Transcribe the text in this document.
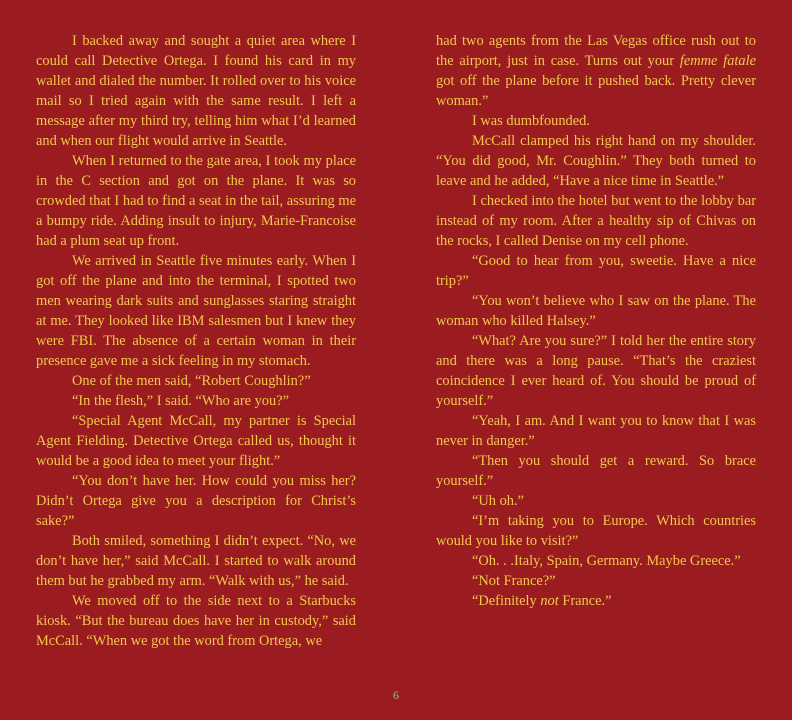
I backed away and sought a quiet area where I could call Detective Ortega. I found his card in my wallet and dialed the number. It rolled over to his voice mail so I tried again with the same result. I left a message after my third try, telling him what I’d learned and when our flight would arrive in Seattle.

When I returned to the gate area, I took my place in the C section and got on the plane. It was so crowded that I had to find a seat in the tail, assuring me a bumpy ride. Adding insult to injury, Marie-Francoise had a plum seat up front.

We arrived in Seattle five minutes early. When I got off the plane and into the terminal, I spotted two men wearing dark suits and sunglasses staring straight at me. They looked like IBM salesmen but I knew they were FBI. The absence of a certain woman in their presence gave me a sick feeling in my stomach.

One of the men said, “Robert Coughlin?”

“In the flesh,” I said. “Who are you?”

“Special Agent McCall, my partner is Special Agent Fielding. Detective Ortega called us, thought it would be a good idea to meet your flight.”

“You don’t have her. How could you miss her? Didn’t Ortega give you a description for Christ’s sake?”

Both smiled, something I didn’t expect. “No, we don’t have her,” said McCall. I started to walk around them but he grabbed my arm. “Walk with us,” he said.

We moved off to the side next to a Starbucks kiosk. “But the bureau does have her in custody,” said McCall. “When we got the word from Ortega, we

had two agents from the Las Vegas office rush out to the airport, just in case. Turns out your femme fatale got off the plane before it pushed back. Pretty clever woman.”

I was dumbfounded.

McCall clamped his right hand on my shoulder. “You did good, Mr. Coughlin.” They both turned to leave and he added, “Have a nice time in Seattle.”

I checked into the hotel but went to the lobby bar instead of my room. After a healthy sip of Chivas on the rocks, I called Denise on my cell phone.

“Good to hear from you, sweetie. Have a nice trip?”

“You won’t believe who I saw on the plane. The woman who killed Halsey.”

“What? Are you sure?” I told her the entire story and there was a long pause. “That’s the craziest coincidence I ever heard of. You should be proud of yourself.”

“Yeah, I am. And I want you to know that I was never in danger.”

“Then you should get a reward. So brace yourself.”

“Uh oh.”

“I’m taking you to Europe. Which countries would you like to visit?”

“Oh. . .Italy, Spain, Germany. Maybe Greece.”

“Not France?”

“Definitely not France.”

6
